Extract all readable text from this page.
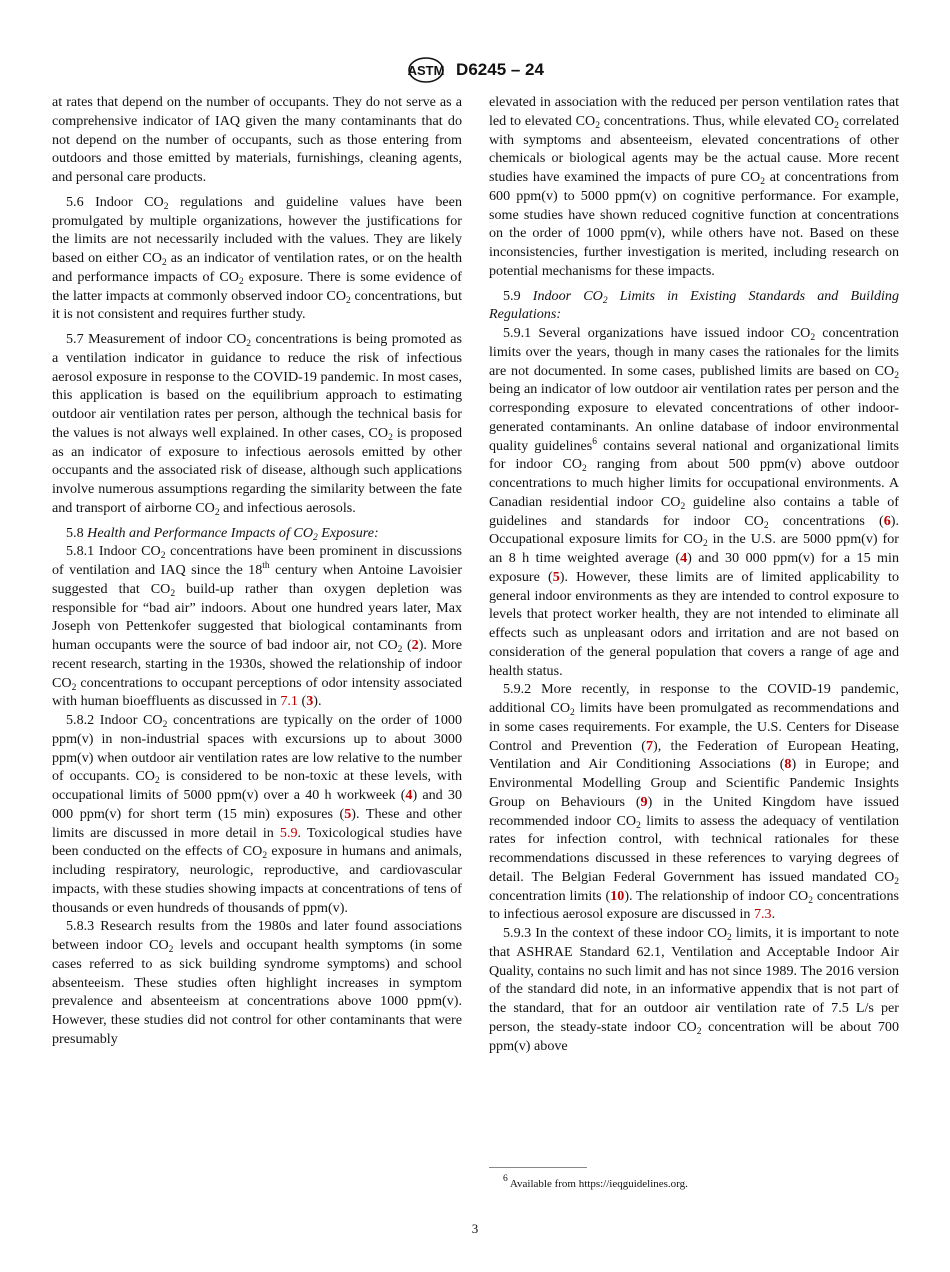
ASTM D6245 – 24

at rates that depend on the number of occupants. They do not serve as a comprehensive indicator of IAQ given the many contaminants that do not depend on the number of occupants, such as those entering from outdoors and those emitted by materials, furnishings, cleaning agents, and personal care products.

5.6 Indoor $CO_2$ regulations and guideline values have been promulgated by multiple organizations, however the justifications for the limits are not necessarily included with the values. They are likely based on either $CO_2$ as an indicator of ventilation rates, or on the health and performance impacts of $CO_2$ exposure. There is some evidence of the latter impacts at commonly observed indoor $CO_2$ concentrations, but it is not consistent and requires further study.

5.7 Measurement of indoor $CO_2$ concentrations is being promoted as a ventilation indicator in guidance to reduce the risk of infectious aerosol exposure in response to the COVID-19 pandemic. In most cases, this application is based on the equilibrium approach to estimating outdoor air ventilation rates per person, although the technical basis for the values is not always well explained. In other cases, $CO_2$ is proposed as an indicator of exposure to infectious aerosols emitted by other occupants and the associated risk of disease, although such applications involve numerous assumptions regarding the similarity between the fate and transport of airborne $CO_2$ and infectious aerosols.

5.8 Health and Performance Impacts of $CO_2$ Exposure:

5.8.1 Indoor $CO_2$ concentrations have been prominent in discussions of ventilation and IAQ since the 18th century when Antoine Lavoisier suggested that $CO_2$ build-up rather than oxygen depletion was responsible for “bad air” indoors. About one hundred years later, Max Joseph von Pettenkofer suggested that biological contaminants from human occupants were the source of bad indoor air, not $CO_2$ (2). More recent research, starting in the 1930s, showed the relationship of indoor $CO_2$ concentrations to occupant perceptions of odor intensity associated with human bioeffluents as discussed in 7.1 (3).

5.8.2 Indoor $CO_2$ concentrations are typically on the order of 1000 ppm(v) in non-industrial spaces with excursions up to about 3000 ppm(v) when outdoor air ventilation rates are low relative to the number of occupants. $CO_2$ is considered to be non-toxic at these levels, with occupational limits of 5000 ppm(v) over a 40 h workweek (4) and 30 000 ppm(v) for short term (15 min) exposures (5). These and other limits are discussed in more detail in 5.9. Toxicological studies have been conducted on the effects of $CO_2$ exposure in humans and animals, including respiratory, neurologic, reproductive, and cardiovascular impacts, with these studies showing impacts at concentrations of tens of thousands or even hundreds of thousands of ppm(v).

5.8.3 Research results from the 1980s and later found associations between indoor $CO_2$ levels and occupant health symptoms (in some cases referred to as sick building syndrome symptoms) and school absenteeism. These studies often highlight increases in symptom prevalence and absenteeism at concentrations above 1000 ppm(v). However, these studies did not control for other contaminants that were presumably

elevated in association with the reduced per person ventilation rates that led to elevated $CO_2$ concentrations. Thus, while elevated $CO_2$ correlated with symptoms and absenteeism, elevated concentrations of other chemicals or biological agents may be the actual cause. More recent studies have examined the impacts of pure $CO_2$ at concentrations from 600 ppm(v) to 5000 ppm(v) on cognitive performance. For example, some studies have shown reduced cognitive function at concentrations on the order of 1000 ppm(v), while others have not. Based on these inconsistencies, further investigation is merited, including research on potential mechanisms for these impacts.

5.9 Indoor $CO_2$ Limits in Existing Standards and Building Regulations:

5.9.1 Several organizations have issued indoor $CO_2$ concentration limits over the years, though in many cases the rationales for the limits are not documented. In some cases, published limits are based on $CO_2$ being an indicator of low outdoor air ventilation rates per person and the corresponding exposure to elevated concentrations of other indoor-generated contaminants. An online database of indoor environmental quality guidelines$^6$ contains several national and organizational limits for indoor $CO_2$ ranging from about 500 ppm(v) above outdoor concentrations to much higher limits for occupational environments. A Canadian residential indoor $CO_2$ guideline also contains a table of guidelines and standards for indoor $CO_2$ concentrations (6). Occupational exposure limits for $CO_2$ in the U.S. are 5000 ppm(v) for an 8 h time weighted average (4) and 30 000 ppm(v) for a 15 min exposure (5). However, these limits are of limited applicability to general indoor environments as they are intended to control exposure to levels that protect worker health, they are not intended to eliminate all effects such as unpleasant odors and irritation and are not based on consideration of the general population that covers a range of age and health status.

5.9.2 More recently, in response to the COVID-19 pandemic, additional $CO_2$ limits have been promulgated as recommendations and in some cases requirements. For example, the U.S. Centers for Disease Control and Prevention (7), the Federation of European Heating, Ventilation and Air Conditioning Associations (8) in Europe; and Environmental Modelling Group and Scientific Pandemic Insights Group on Behaviours (9) in the United Kingdom have issued recommended indoor $CO_2$ limits to assess the adequacy of ventilation rates for infection control, with technical rationales for these recommendations discussed in these references to varying degrees of detail. The Belgian Federal Government has issued mandated $CO_2$ concentration limits (10). The relationship of indoor $CO_2$ concentrations to infectious aerosol exposure are discussed in 7.3.

5.9.3 In the context of these indoor $CO_2$ limits, it is important to note that ASHRAE Standard 62.1, Ventilation and Acceptable Indoor Air Quality, contains no such limit and has not since 1989. The 2016 version of the standard did note, in an informative appendix that is not part of the standard, that for an outdoor air ventilation rate of 7.5 L/s per person, the steady-state indoor $CO_2$ concentration will be about 700 ppm(v) above

$^6$ Available from https://ieqguidelines.org.
3
